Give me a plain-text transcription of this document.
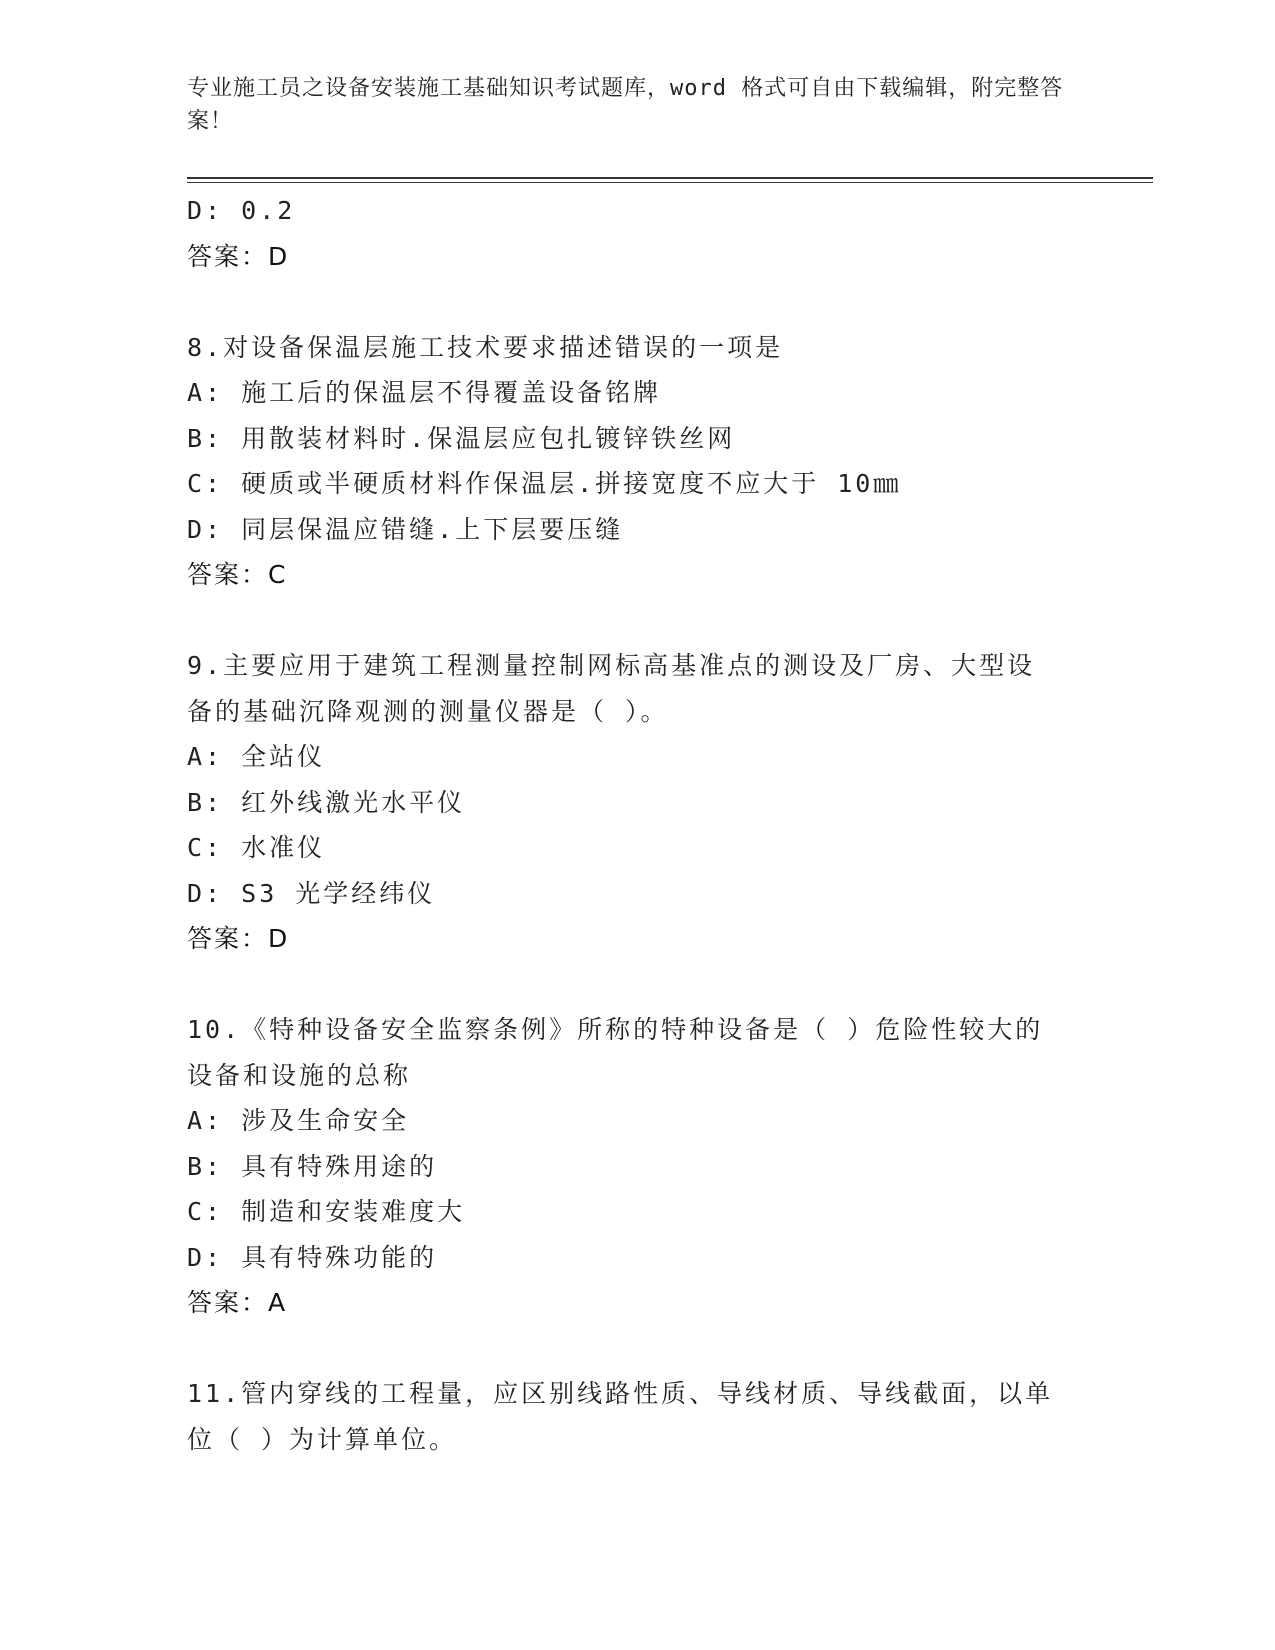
专业施工员之设备安装施工基础知识考试题库，word 格式可自由下载编辑，附完整答案！
D: 0.2
答案：D
8.对设备保温层施工技术要求描述错误的一项是
A: 施工后的保温层不得覆盖设备铭牌
B: 用散装材料时.保温层应包扎镀锌铁丝网
C: 硬质或半硬质材料作保温层.拼接宽度不应大于 10㎜
D: 同层保温应错缝.上下层要压缝
答案：C
9.主要应用于建筑工程测量控制网标高基准点的测设及厂房、大型设
备的基础沉降观测的测量仪器是（ ）。
A: 全站仪
B: 红外线激光水平仪
C: 水准仪
D: S3 光学经纬仪
答案：D
10.《特种设备安全监察条例》所称的特种设备是（ ）危险性较大的
设备和设施的总称
A: 涉及生命安全
B: 具有特殊用途的
C: 制造和安装难度大
D: 具有特殊功能的
答案：A
11.管内穿线的工程量，应区别线路性质、导线材质、导线截面，以单
位（ ）为计算单位。
